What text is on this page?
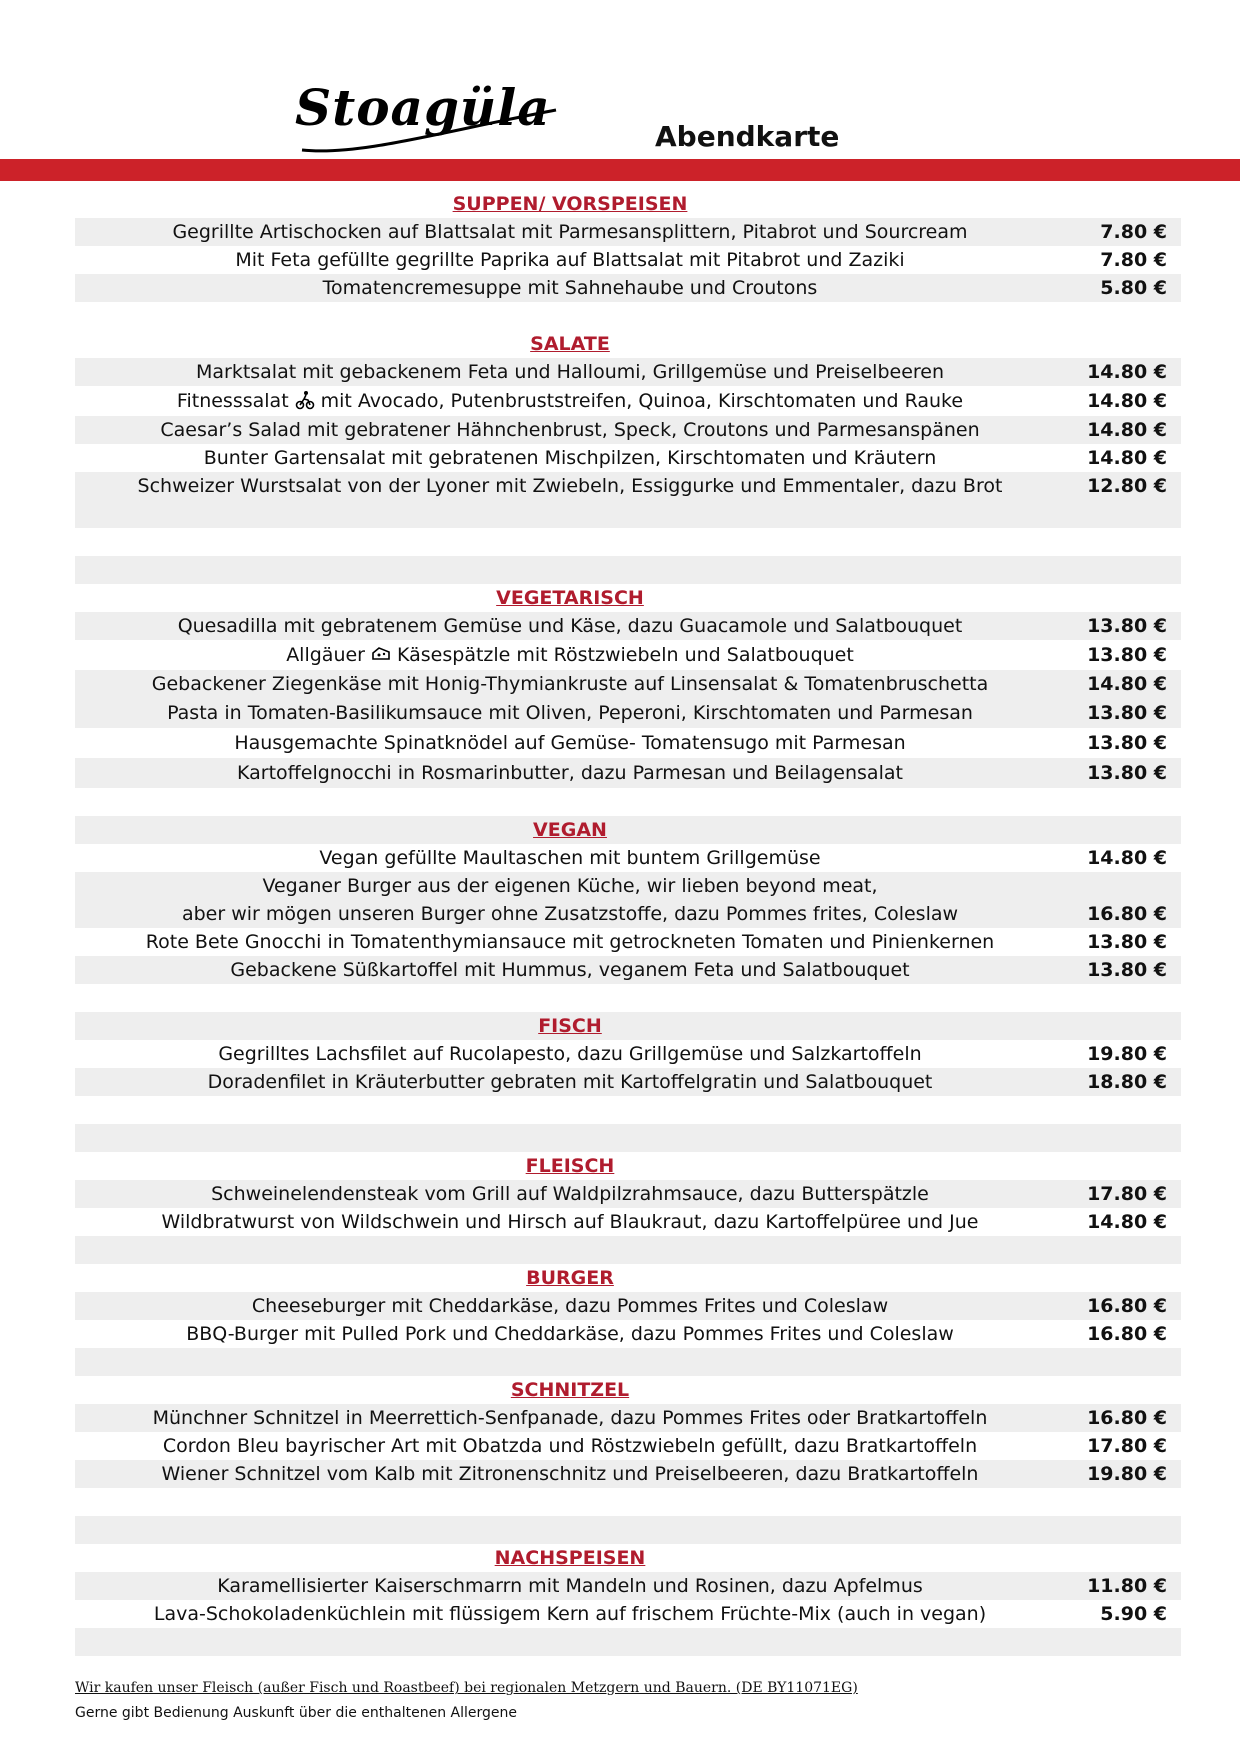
Stoagüla	Abendkarte
SUPPEN/ VORSPEISEN
Gegrillte Artischocken auf Blattsalat mit Parmesansplittern, Pitabrot und Sourcream	7.80 €
Mit Feta gefüllte gegrillte Paprika auf Blattsalat mit Pitabrot und Zaziki	7.80 €
Tomatencremesuppe mit Sahnehaube und Croutons	5.80 €
SALATE
Marktsalat mit gebackenem Feta und Halloumi, Grillgemüse und Preiselbeeren	14.80 €
Fitnesssalat mit Avocado, Putenbruststreifen, Quinoa, Kirschtomaten und Rauke	14.80 €
Caesar’s Salad mit gebratener Hähnchenbrust, Speck, Croutons und Parmesanspänen	14.80 €
Bunter Gartensalat mit gebratenen Mischpilzen, Kirschtomaten und Kräutern	14.80 €
Schweizer Wurstsalat von der Lyoner mit Zwiebeln, Essiggurke und Emmentaler, dazu Brot	12.80 €
VEGETARISCH
Quesadilla mit gebratenem Gemüse und Käse, dazu Guacamole und Salatbouquet	13.80 €
Allgäuer Käsespätzle mit Röstzwiebeln und Salatbouquet	13.80 €
Gebackener Ziegenkäse mit Honig-Thymiankruste auf Linsensalat & Tomatenbruschetta	14.80 €
Pasta in Tomaten-Basilikumsauce mit Oliven, Peperoni, Kirschtomaten und Parmesan	13.80 €
Hausgemachte Spinatknödel auf Gemüse- Tomatensugo mit Parmesan	13.80 €
Kartoffelgnocchi in Rosmarinbutter, dazu Parmesan und Beilagensalat	13.80 €
VEGAN
Vegan gefüllte Maultaschen mit buntem Grillgemüse	14.80 €
Veganer Burger aus der eigenen Küche, wir lieben beyond meat,
aber wir mögen unseren Burger ohne Zusatzstoffe, dazu Pommes frites, Coleslaw	16.80 €
Rote Bete Gnocchi in Tomatenthymiansauce mit getrockneten Tomaten und Pinienkernen	13.80 €
Gebackene Süßkartoffel mit Hummus, veganem Feta und Salatbouquet	13.80 €
FISCH
Gegrilltes Lachsfilet auf Rucolapesto, dazu Grillgemüse und Salzkartoffeln	19.80 €
Doradenfilet in Kräuterbutter gebraten mit Kartoffelgratin und Salatbouquet	18.80 €
FLEISCH
Schweinelendensteak vom Grill auf Waldpilzrahmsauce, dazu Butterspätzle	17.80 €
Wildbratwurst von Wildschwein und Hirsch auf Blaukraut, dazu Kartoffelpüree und Jue	14.80 €
BURGER
Cheeseburger mit Cheddarkäse, dazu Pommes Frites und Coleslaw	16.80 €
BBQ-Burger mit Pulled Pork und Cheddarkäse, dazu Pommes Frites und Coleslaw	16.80 €
SCHNITZEL
Münchner Schnitzel in Meerrettich-Senfpanade, dazu Pommes Frites oder Bratkartoffeln	16.80 €
Cordon Bleu bayrischer Art mit Obatzda und Röstzwiebeln gefüllt, dazu Bratkartoffeln	17.80 €
Wiener Schnitzel vom Kalb mit Zitronenschnitz und Preiselbeeren, dazu Bratkartoffeln	19.80 €
NACHSPEISEN
Karamellisierter Kaiserschmarrn mit Mandeln und Rosinen, dazu Apfelmus	11.80 €
Lava-Schokoladenküchlein mit flüssigem Kern auf frischem Früchte-Mix (auch in vegan)	5.90 €
Wir kaufen unser Fleisch (außer Fisch und Roastbeef) bei regionalen Metzgern und Bauern. (DE BY11071EG)
Gerne gibt Bedienung Auskunft über die enthaltenen Allergene
